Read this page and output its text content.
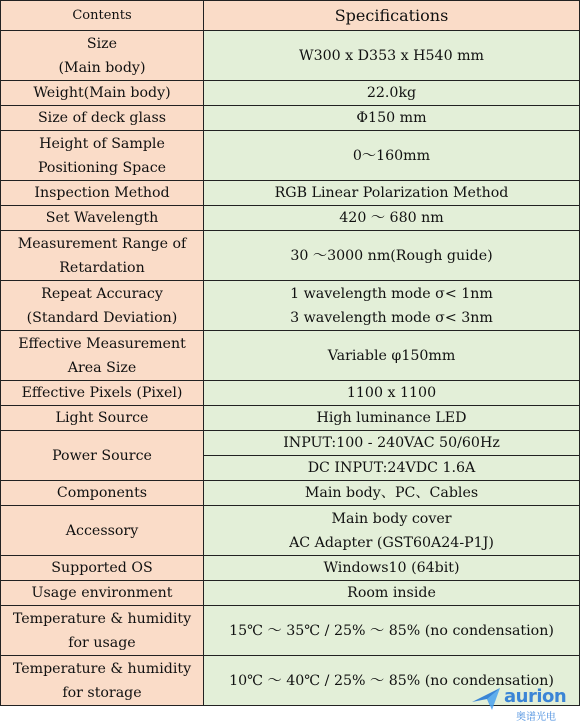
Contents	Specifications

Size
(Main body)	W300 x D353 x H540 mm

Weight(Main body)	22.0kg

Size of deck glass	Φ150 mm

Height of Sample
Positioning Space	0～160mm

Inspection Method	RGB Linear Polarization Method

Set Wavelength	420 ～ 680 nm

Measurement Range of
Retardation	30 ～3000 nm(Rough guide)

Repeat Accuracy
(Standard Deviation)	1 wavelength mode σ< 1nm
3 wavelength mode σ< 3nm

Effective Measurement
Area Size	Variable φ150mm

Effective Pixels (Pixel)	1100 x 1100

Light Source	High luminance LED

Power Source	INPUT:100 - 240VAC 50/60Hz

	DC INPUT:24VDC 1.6A

Components	Main body、PC、Cables

Accessory	Main body cover
AC Adapter (GST60A24-P1J)

Supported OS	Windows10 (64bit)

Usage environment	Room inside

Temperature & humidity
for usage	15℃ ～ 35℃ / 25% ～ 85% (no condensation)

Temperature & humidity
for storage	10℃ ～ 40℃ / 25% ～ 85% (no condensation)
aurion
奥谱光电
